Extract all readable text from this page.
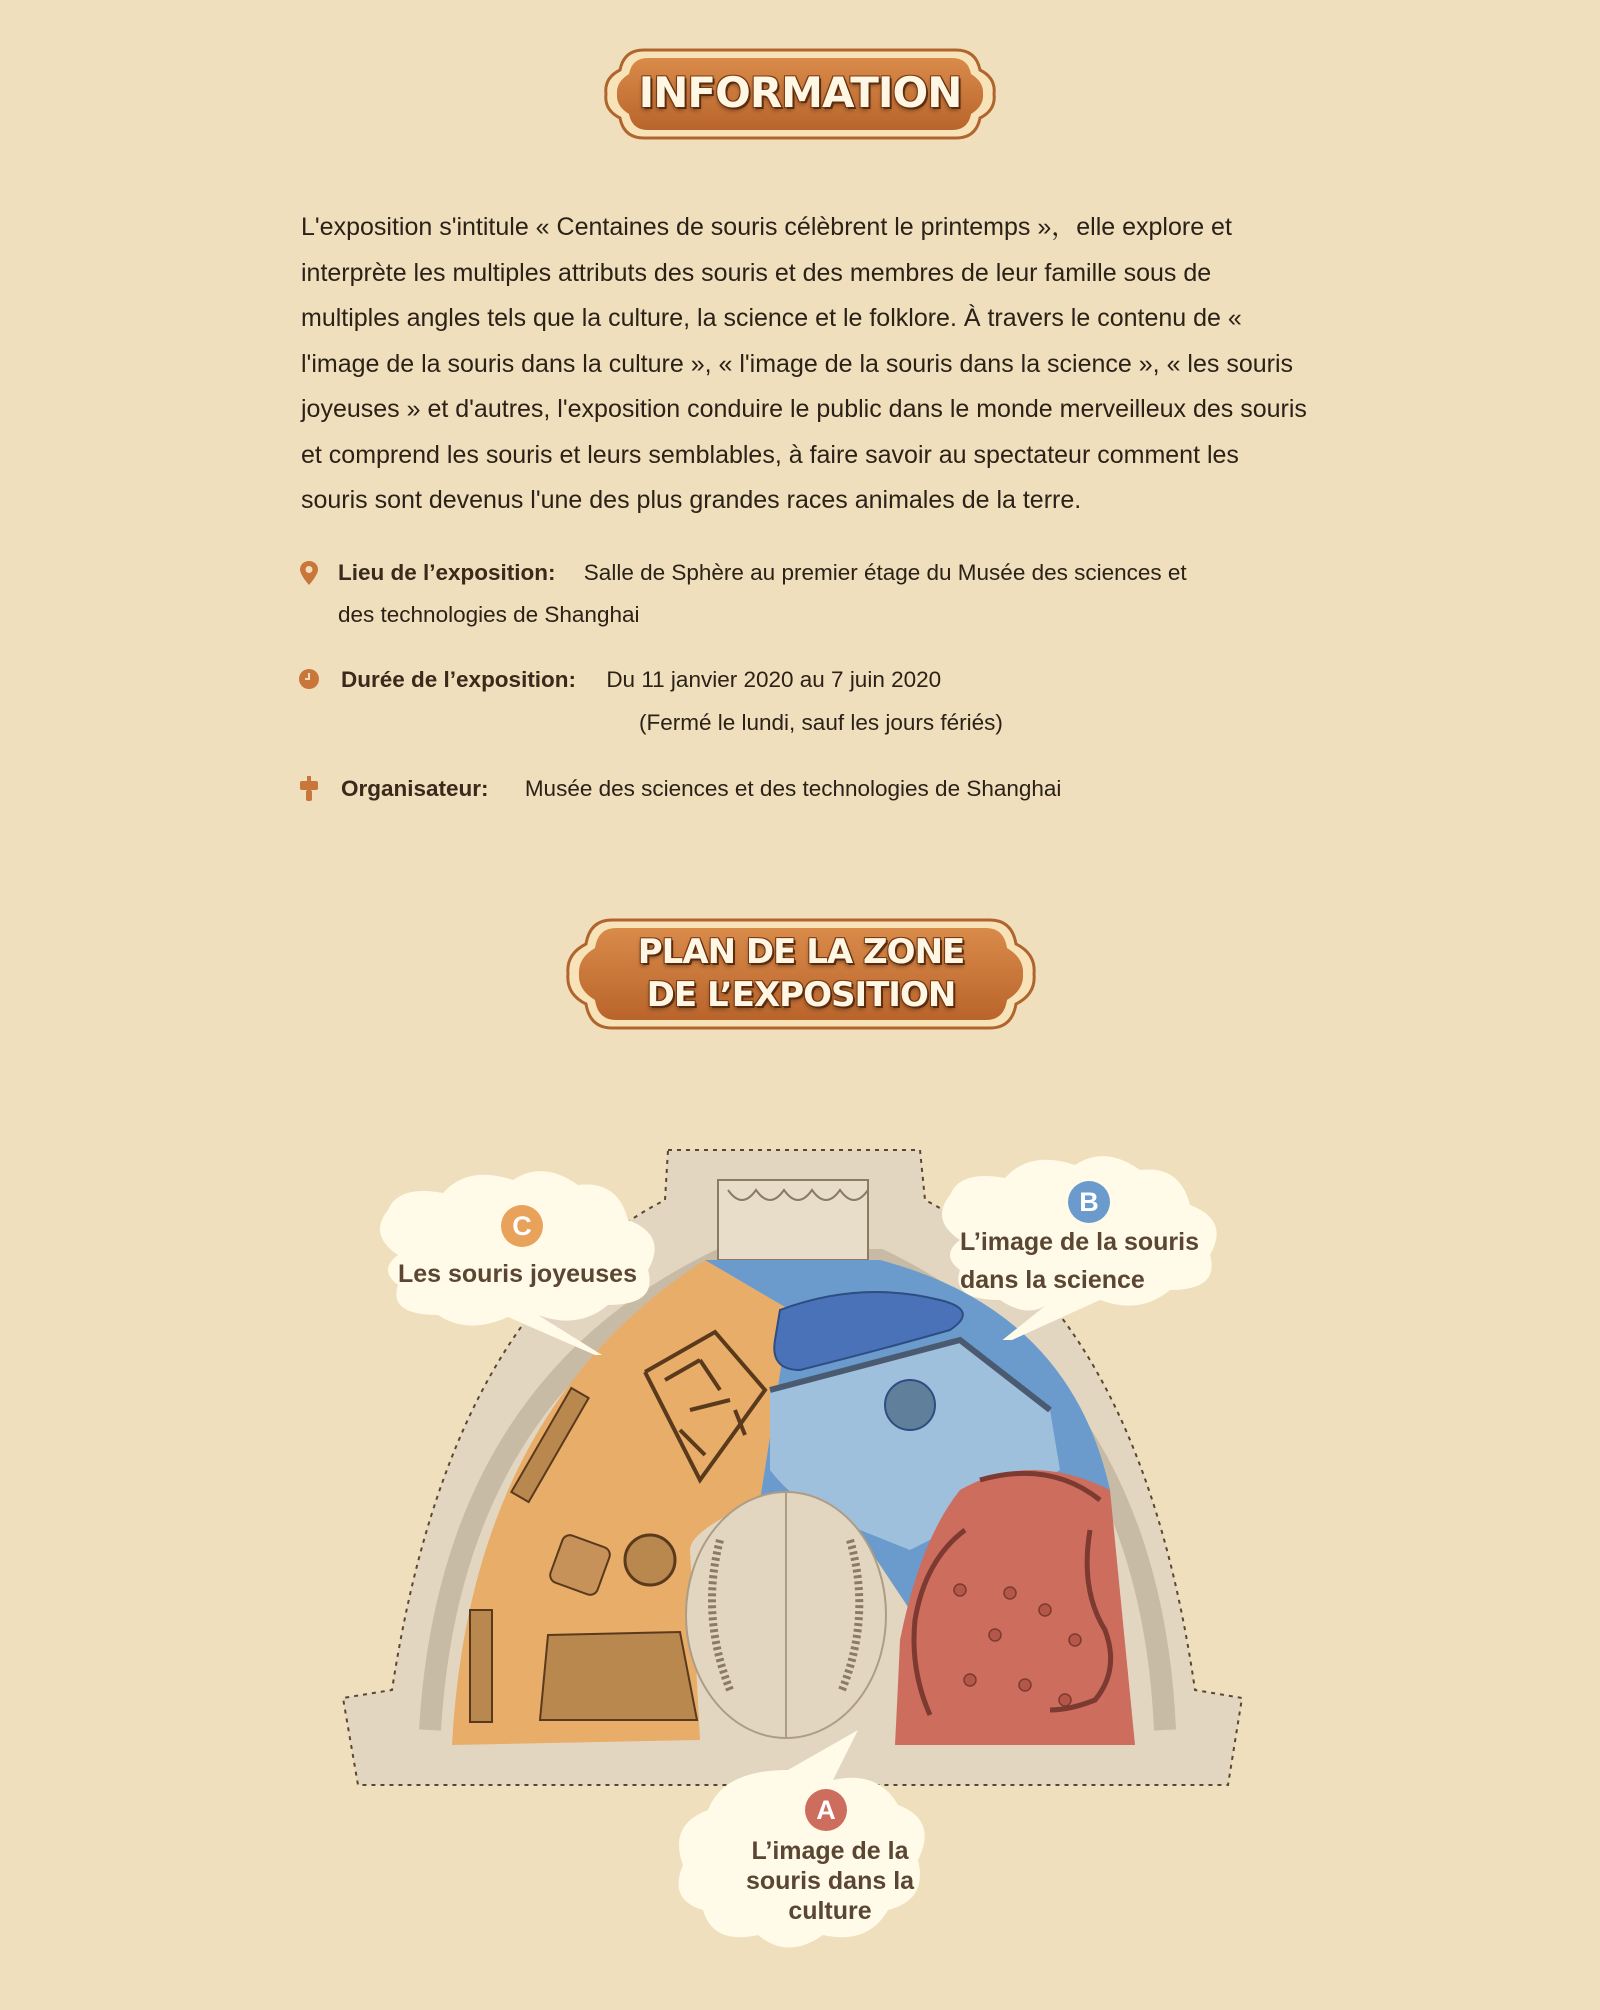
INFORMATION
L'exposition s'intitule « Centaines de souris célèbrent le printemps »，elle explore et interprète les multiples attributs des souris et des membres de leur famille sous de multiples angles tels que la culture, la science et le folklore. À travers le contenu de « l'image de la souris dans la culture », « l'image de la souris dans la science », « les souris joyeuses » et d'autres, l'exposition conduire le public dans le monde merveilleux des souris et comprend les souris et leurs semblables, à faire savoir au spectateur comment les souris sont devenus l'une des plus grandes races animales de la terre.
Lieu de l’exposition: Salle de Sphère au premier étage du Musée des sciences et
des technologies de Shanghai
Durée de l’exposition: Du 11 janvier 2020 au 7 juin 2020
(Fermé le lundi, sauf les jours fériés)
Organisateur: Musée des sciences et des technologies de Shanghai
PLAN DE LA ZONE
DE L’EXPOSITION
C
Les souris joyeuses
B
L’image de la souris
dans la science
A
L’image de la
souris dans la
culture
